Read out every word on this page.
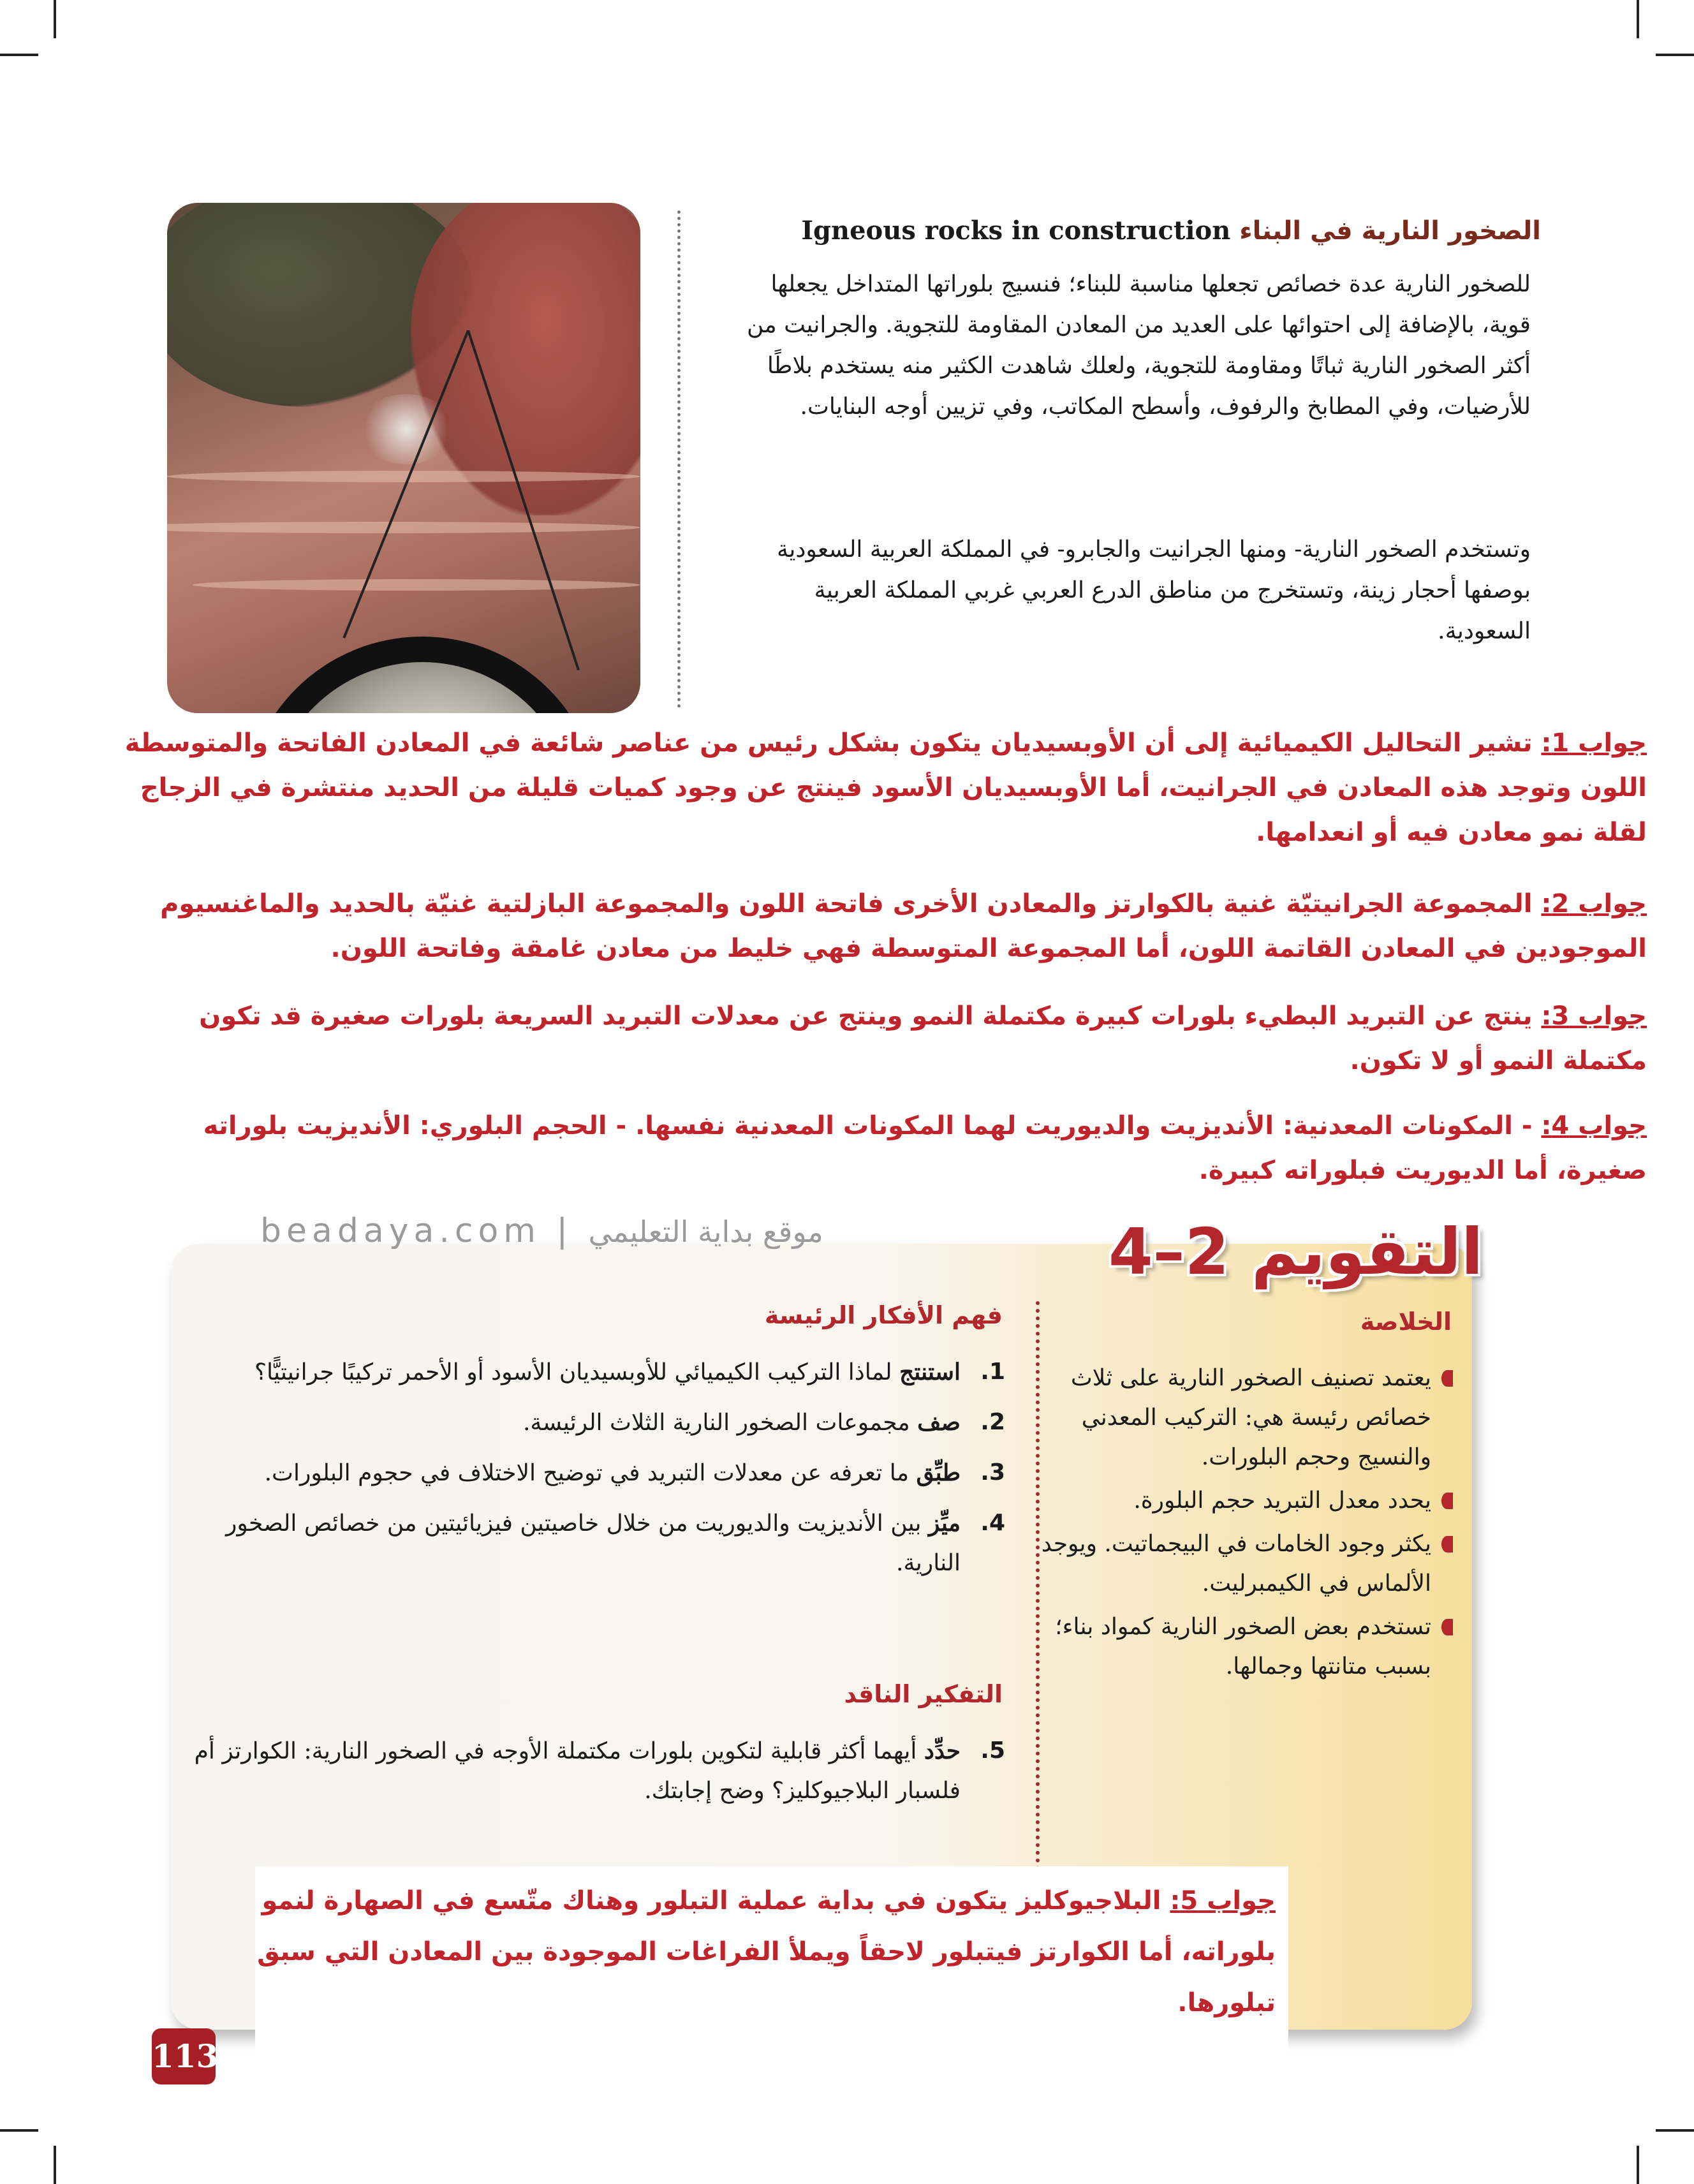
الصخور النارية في البناء Igneous rocks in construction
للصخور النارية عدة خصائص تجعلها مناسبة للبناء؛ فنسيج بلوراتها المتداخل يجعلها قوية، بالإضافة إلى احتوائها على العديد من المعادن المقاومة للتجوية. والجرانيت من أكثر الصخور النارية ثباتًا ومقاومة للتجوية، ولعلك شاهدت الكثير منه يستخدم بلاطًا للأرضيات، وفي المطابخ والرفوف، وأسطح المكاتب، وفي تزيين أوجه البنايات.
وتستخدم الصخور النارية- ومنها الجرانيت والجابرو- في المملكة العربية السعودية بوصفها أحجار زينة، وتستخرج من مناطق الدرع العربي غربي المملكة العربية السعودية.
جواب 1: تشير التحاليل الكيميائية إلى أن الأوبسيديان يتكون بشكل رئيس من عناصر شائعة في المعادن الفاتحة والمتوسطة اللون وتوجد هذه المعادن في الجرانيت، أما الأوبسيديان الأسود فينتج عن وجود كميات قليلة من الحديد منتشرة في الزجاج لقلة نمو معادن فيه أو انعدامها.
جواب 2: المجموعة الجرانيتيّة غنية بالكوارتز والمعادن الأخرى فاتحة اللون والمجموعة البازلتية غنيّة بالحديد والماغنسيوم الموجودين في المعادن القاتمة اللون، أما المجموعة المتوسطة فهي خليط من معادن غامقة وفاتحة اللون.
جواب 3: ينتج عن التبريد البطيء بلورات كبيرة مكتملة النمو وينتج عن معدلات التبريد السريعة بلورات صغيرة قد تكون مكتملة النمو أو لا تكون.
جواب 4: - المكونات المعدنية: الأنديزيت والديوريت لهما المكونات المعدنية نفسها. - الحجم البلوري: الأنديزيت بلوراته صغيرة، أما الديوريت فبلوراته كبيرة.
beadaya.com | موقع بداية التعليمي	التقويم 2–4
الخلاصة
يعتمد تصنيف الصخور النارية على ثلاث خصائص رئيسة هي: التركيب المعدني والنسيج وحجم البلورات.
يحدد معدل التبريد حجم البلورة.
يكثر وجود الخامات في البيجماتيت. ويوجد الألماس في الكيمبرليت.
تستخدم بعض الصخور النارية كمواد بناء؛ بسبب متانتها وجمالها.
فهم الأفكار الرئيسة
1.
استنتج لماذا التركيب الكيميائي للأوبسيديان الأسود أو الأحمر تركيبًا جرانيتيًّا؟
2.
صف مجموعات الصخور النارية الثلاث الرئيسة.
3.
طبِّق ما تعرفه عن معدلات التبريد في توضيح الاختلاف في حجوم البلورات.
4.
ميِّز بين الأنديزيت والديوريت من خلال خاصيتين فيزيائيتين من خصائص الصخور النارية.
التفكير الناقد
5.
حدِّد أيهما أكثر قابلية لتكوين بلورات مكتملة الأوجه في الصخور النارية: الكوارتز أم فلسبار البلاجيوكليز؟ وضح إجابتك.
جواب 5: البلاجيوكليز يتكون في بداية عملية التبلور وهناك متّسع في الصهارة لنمو بلوراته، أما الكوارتز فيتبلور لاحقاً ويملأ الفراغات الموجودة بين المعادن التي سبق تبلورها.
113
